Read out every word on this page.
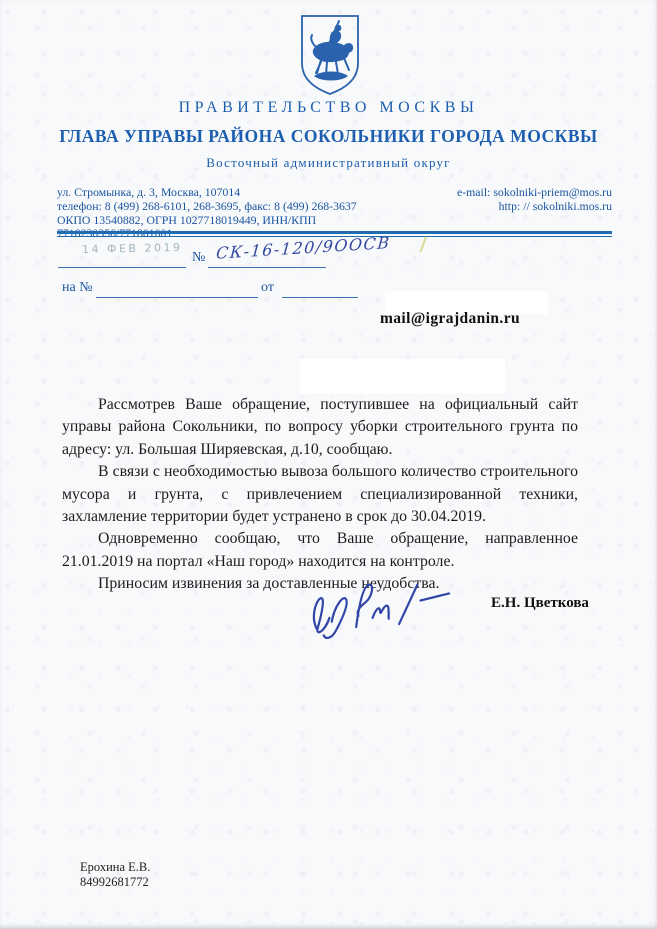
ПРАВИТЕЛЬСТВО МОСКВЫ
ГЛАВА УПРАВЫ РАЙОНА СОКОЛЬНИКИ ГОРОДА МОСКВЫ
Восточный административный округ
ул. Стромынка, д. 3, Москва, 107014
телефон: 8 (499) 268-6101, 268-3695, факс: 8 (499) 268-3637
ОКПО 13540882, ОГРН 1027718019449, ИНН/КПП 7718230356/771801001
e-mail: sokolniki-priem@mos.ru
http: // sokolniki.mos.ru
14 ФЕВ 2019
№ СК-16-120/9ООСВ
на №	от
mail@igrajdanin.ru

Рассмотрев Ваше обращение, поступившее на официальный сайт управы района Сокольники, по вопросу уборки строительного грунта по адресу: ул. Большая Ширяевская, д.10, сообщаю.

В связи с необходимостью вывоза большого количество строительного мусора и грунта, с привлечением специализированной техники, захламление территории будет устранено в срок до 30.04.2019.

Одновременно сообщаю, что Ваше обращение, направленное 21.01.2019 на портал «Наш город» находится на контроле.

Приносим извинения за доставленные неудобства.

Е.Н. Цветкова
Ерохина Е.В.
84992681772
